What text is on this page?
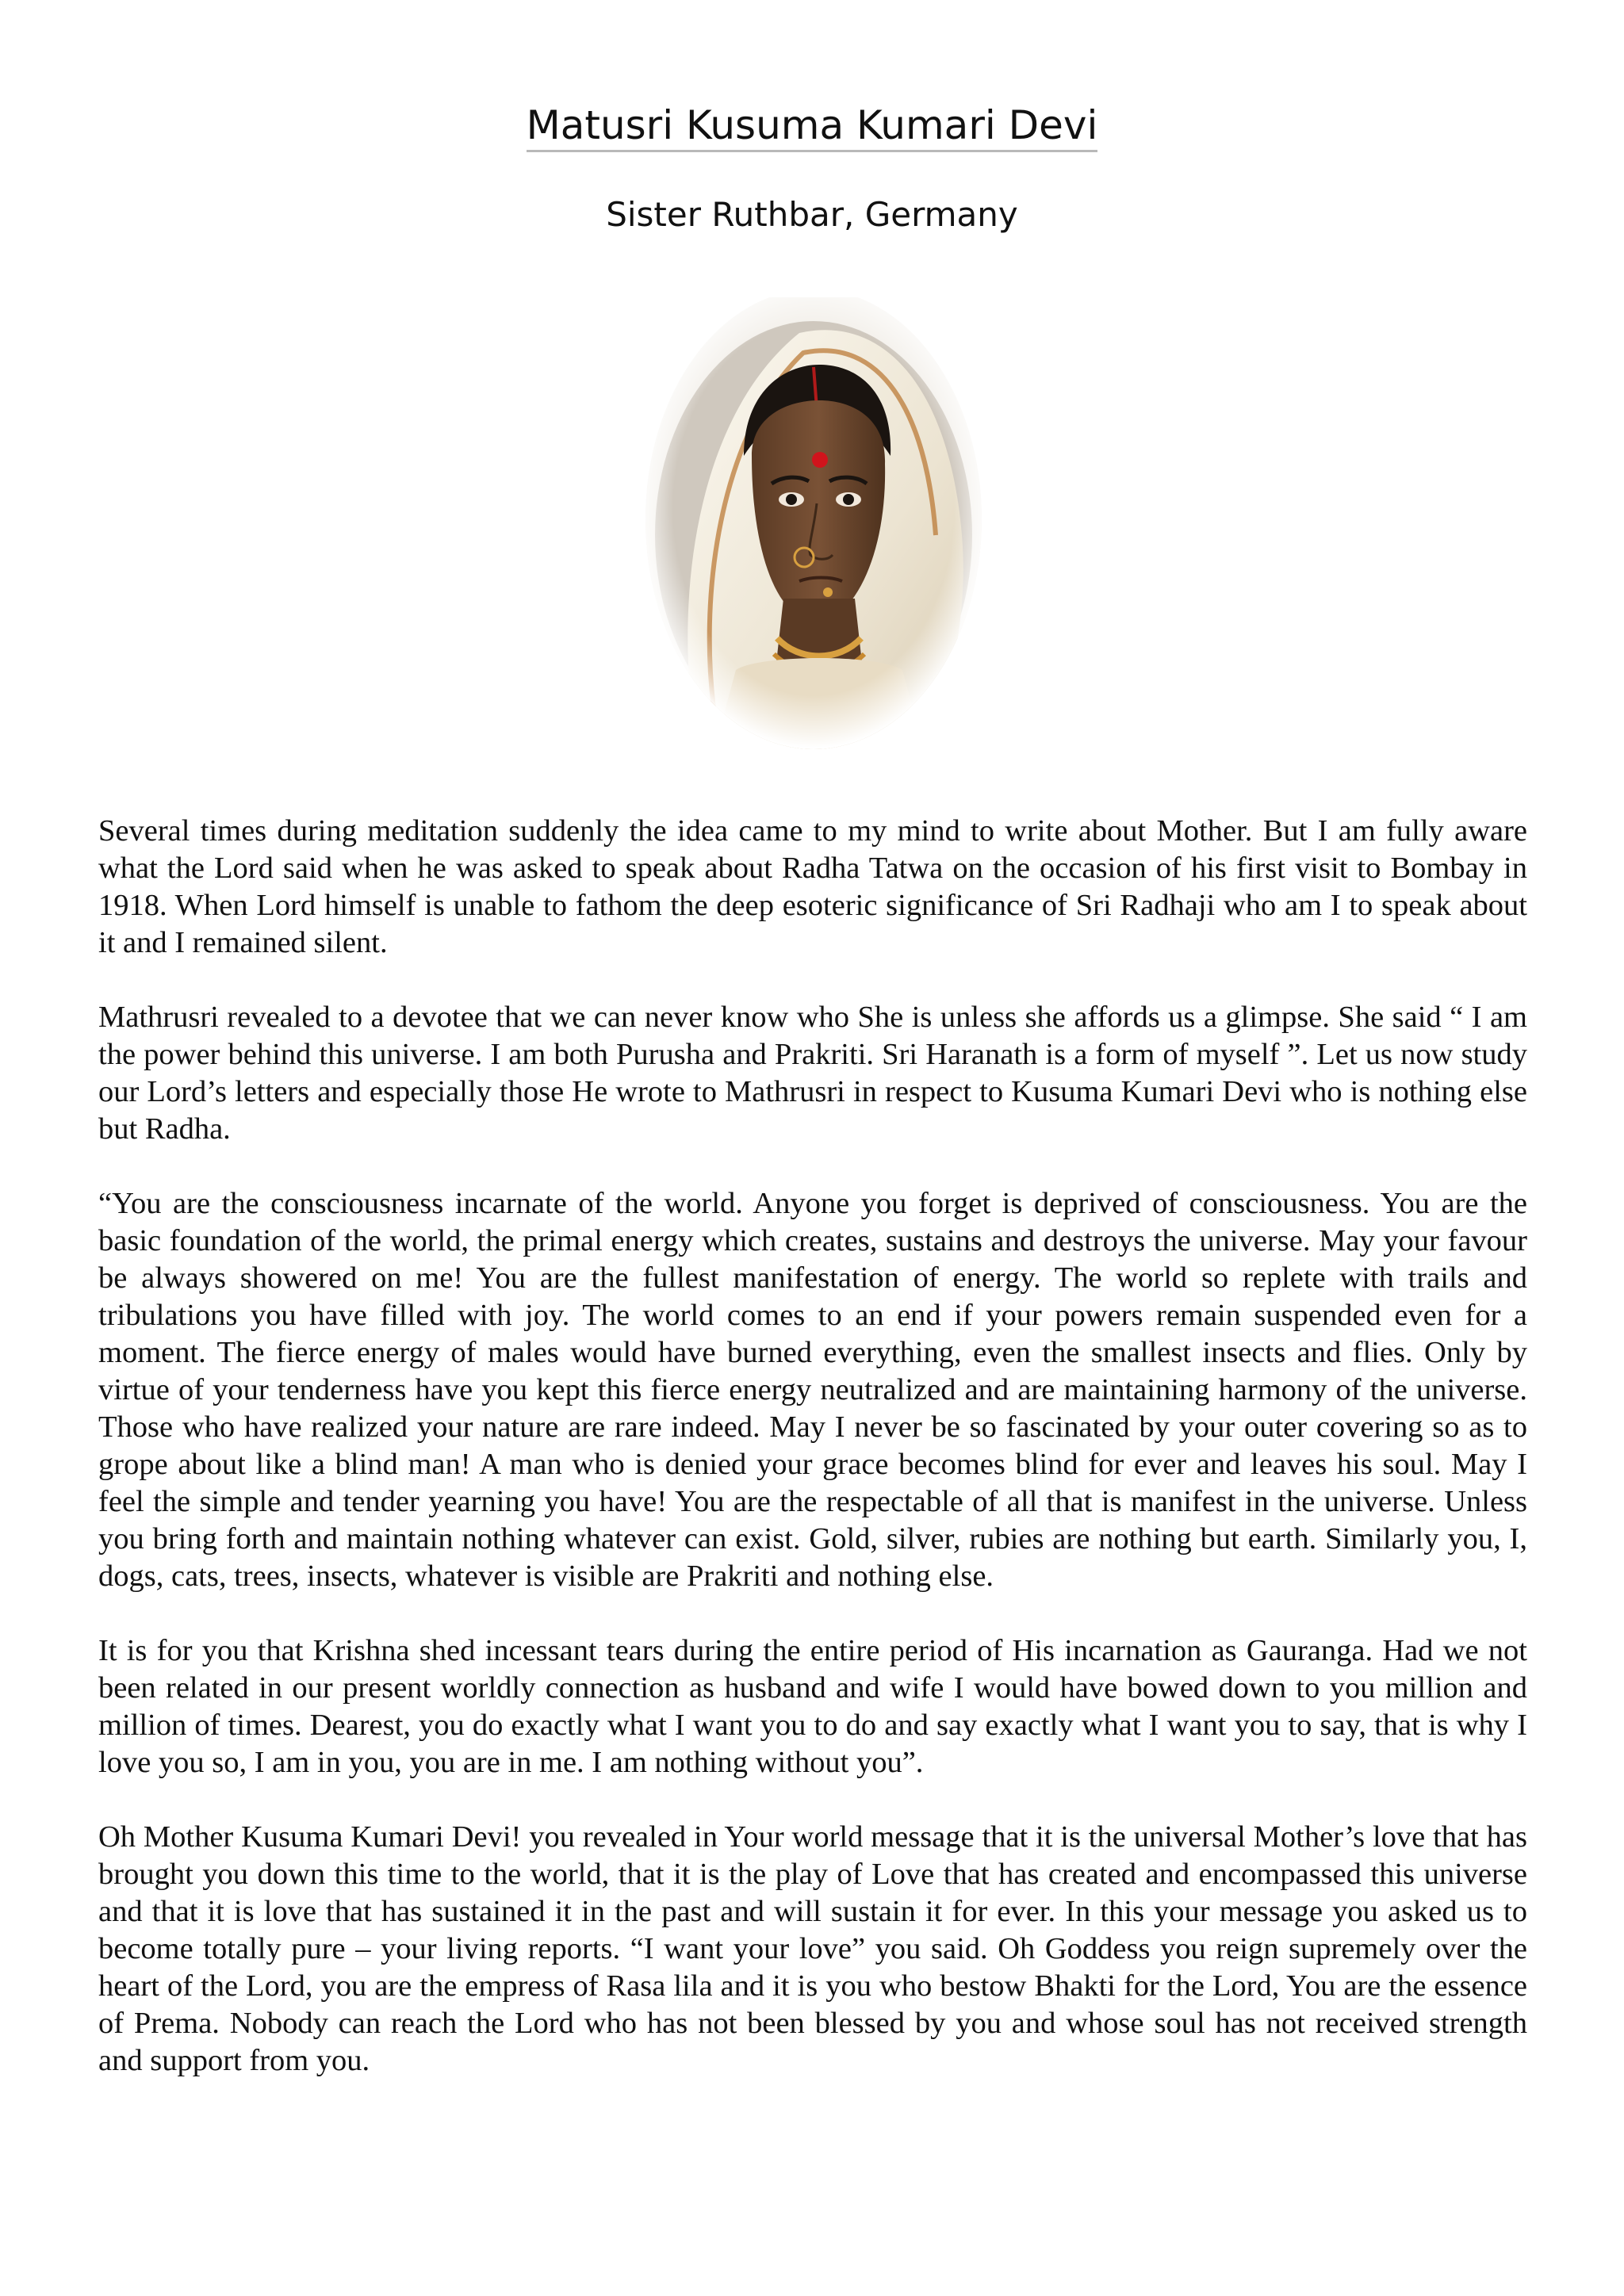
Matusri Kusuma Kumari Devi
Sister Ruthbar, Germany

Several times during meditation suddenly the idea came to my mind to write about Mother. But I am fully aware what the Lord said when he was asked to speak about Radha Tatwa on the occasion of his first visit to Bombay in 1918. When Lord himself is unable to fathom the deep esoteric significance of Sri Radhaji who am I to speak about it and I remained silent.

Mathrusri revealed to a devotee that we can never know who She is unless she affords us a glimpse. She said “ I am the power behind this universe. I am both Purusha and Prakriti. Sri Haranath is a form of myself ”. Let us now study our Lord’s letters and especially those He wrote to Mathrusri in respect to Kusuma Kumari Devi who is nothing else but Radha.

“You are the consciousness incarnate of the world. Anyone you forget is deprived of consciousness. You are the basic foundation of the world, the primal energy which creates, sustains and destroys the universe. May your favour be always showered on me! You are the fullest manifestation of energy. The world so replete with trails and tribulations you have filled with joy. The world comes to an end if your powers remain suspended even for a moment. The fierce energy of males would have burned everything, even the smallest insects and flies. Only by virtue of your tenderness have you kept this fierce energy neutralized and are maintaining harmony of the universe. Those who have realized your nature are rare indeed. May I never be so fascinated by your outer covering so as to grope about like a blind man! A man who is denied your grace becomes blind for ever and leaves his soul. May I feel the simple and tender yearning you have! You are the respectable of all that is manifest in the universe. Unless you bring forth and maintain nothing whatever can exist. Gold, silver, rubies are nothing but earth. Similarly you, I, dogs, cats, trees, insects, whatever is visible are Prakriti and nothing else.

It is for you that Krishna shed incessant tears during the entire period of His incarnation as Gauranga. Had we not been related in our present worldly connection as husband and wife I would have bowed down to you million and million of times. Dearest, you do exactly what I want you to do and say exactly what I want you to say, that is why I love you so, I am in you, you are in me. I am nothing without you”.

Oh Mother Kusuma Kumari Devi! you revealed in Your world message that it is the universal Mother’s love that has brought you down this time to the world, that it is the play of Love that has created and encompassed this universe and that it is love that has sustained it in the past and will sustain it for ever. In this your message you asked us to become totally pure – your living reports. “I want your love” you said. Oh Goddess you reign supremely over the heart of the Lord, you are the empress of Rasa lila and it is you who bestow Bhakti for the Lord, You are the essence of Prema. Nobody can reach the Lord who has not been blessed by you and whose soul has not received strength and support from you.
